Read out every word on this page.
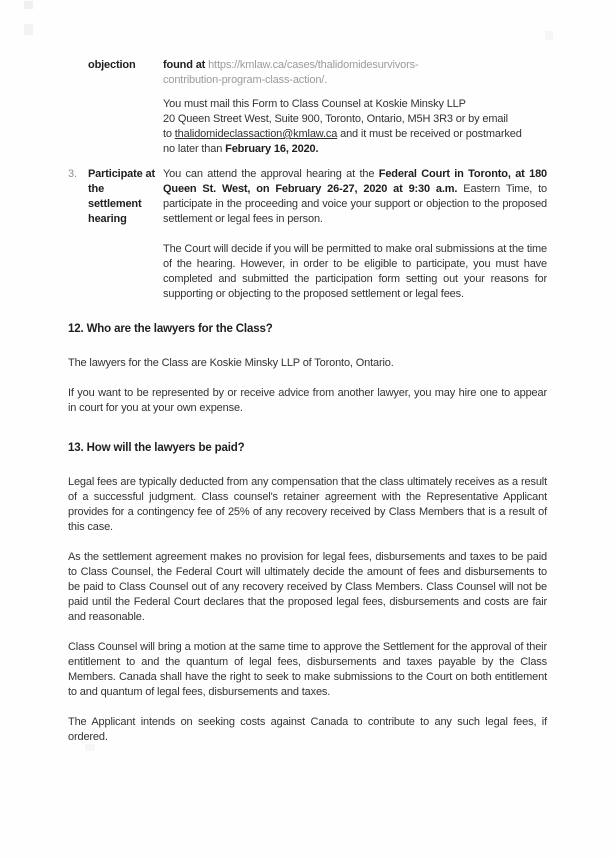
objection	found at https://kmlaw.ca/cases/thalidomidesurvivors-
contribution-program-class-action/.

You must mail this Form to Class Counsel at Koskie Minsky LLP
20 Queen Street West, Suite 900, Toronto, Ontario, M5H 3R3 or by email
to thalidomideclassaction@kmlaw.ca and it must be received or postmarked
no later than February 16, 2020.

3.	Participate at
the
settlement
hearing

You can attend the approval hearing at the Federal Court in Toronto, at 180 Queen St. West, on February 26-27, 2020 at 9:30 a.m. Eastern Time, to participate in the proceeding and voice your support or objection to the proposed settlement or legal fees in person.

The Court will decide if you will be permitted to make oral submissions at the time of the hearing. However, in order to be eligible to participate, you must have completed and submitted the participation form setting out your reasons for supporting or objecting to the proposed settlement or legal fees.

12. Who are the lawyers for the Class?

The lawyers for the Class are Koskie Minsky LLP of Toronto, Ontario.

If you want to be represented by or receive advice from another lawyer, you may hire one to appear in court for you at your own expense.

13. How will the lawyers be paid?

Legal fees are typically deducted from any compensation that the class ultimately receives as a result of a successful judgment. Class counsel's retainer agreement with the Representative Applicant provides for a contingency fee of 25% of any recovery received by Class Members that is a result of this case.

As the settlement agreement makes no provision for legal fees, disbursements and taxes to be paid to Class Counsel, the Federal Court will ultimately decide the amount of fees and disbursements to be paid to Class Counsel out of any recovery received by Class Members. Class Counsel will not be paid until the Federal Court declares that the proposed legal fees, disbursements and costs are fair and reasonable.

Class Counsel will bring a motion at the same time to approve the Settlement for the approval of their entitlement to and the quantum of legal fees, disbursements and taxes payable by the Class Members. Canada shall have the right to seek to make submissions to the Court on both entitlement to and quantum of legal fees, disbursements and taxes.

The Applicant intends on seeking costs against Canada to contribute to any such legal fees, if ordered.
